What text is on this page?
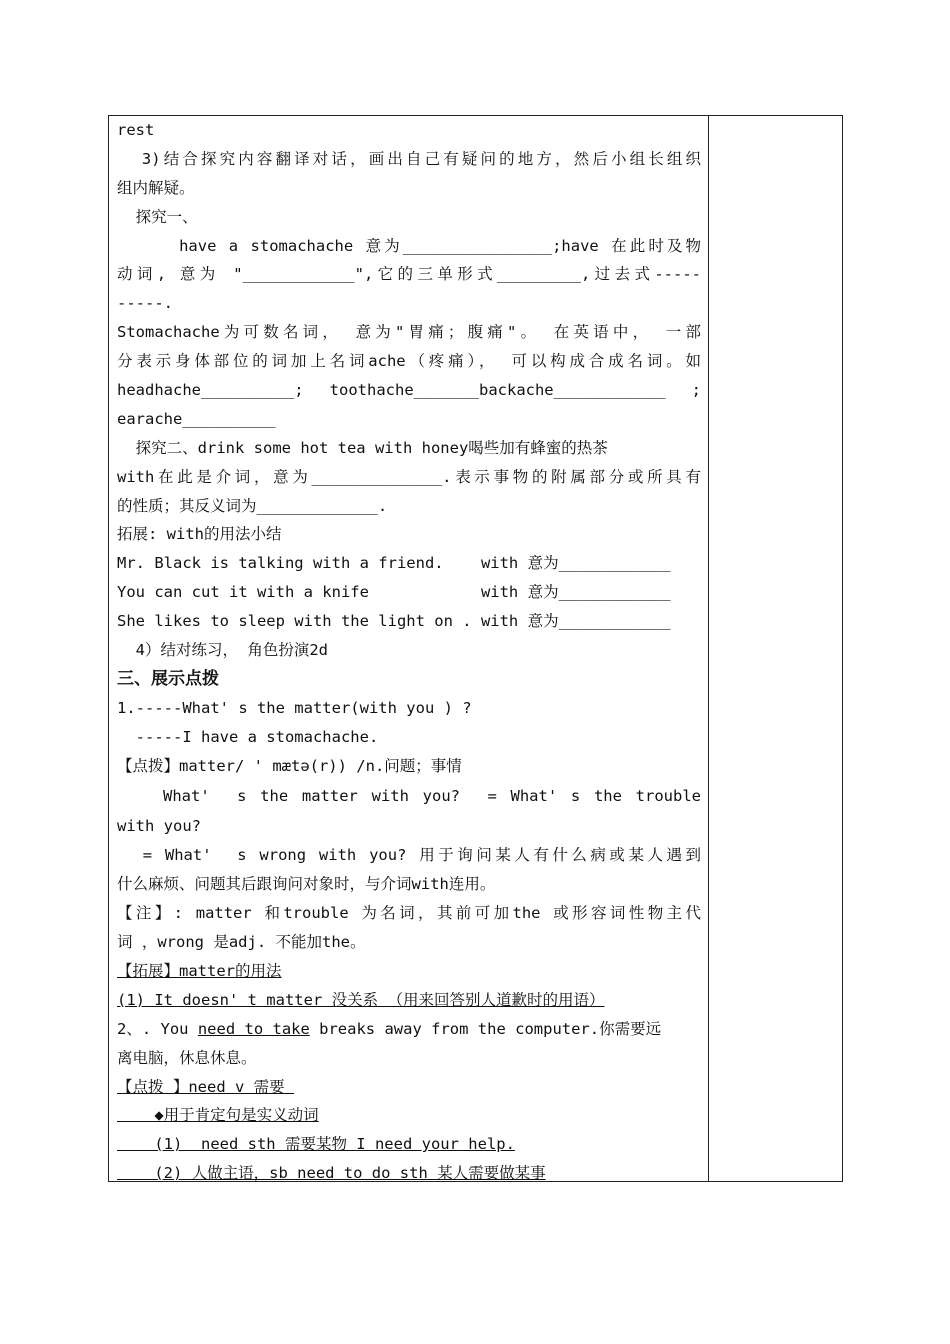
rest
3)结合探究内容翻译对话，画出自己有疑问的地方，然后小组长组织
组内解疑。
探究一、
have a stomachache 意为________________;have 在此时及物
动词, 意为 "____________",它的三单形式_________,过去式-----
-----.
Stomachache为可数名词， 意为"胃痛；腹痛"。 在英语中， 一部
分表示身体部位的词加上名词ache（疼痛）， 可以构成合成名词。如
headhache__________; toothache_______backache____________ ;
earache__________
探究二、drink some hot tea with honey喝些加有蜂蜜的热茶
with在此是介词，意为______________.表示事物的附属部分或所具有
的性质；其反义词为_____________.
拓展: with的用法小结
Mr. Black is talking with a friend.    with 意为____________
You can cut it with a knife            with 意为____________
She likes to sleep with the light on . with 意为____________
4）结对练习， 角色扮演2d
三、展示点拨
1.-----What' s the matter(with you ) ?
-----I have a stomachache.
【点拨】matter/ ' mætə(r)) /n.问题；事情
What'  s the matter with you?  = What' s the trouble
with you?
= What'  s wrong with you? 用于询问某人有什么病或某人遇到
什么麻烦、问题其后跟询问对象时，与介词with连用。
【注】: matter 和trouble 为名词，其前可加the 或形容词性物主代
词 ，wrong 是adj. 不能加the。
【拓展】matter的用法
(1) It doesn' t matter 没关系 （用来回答别人道歉时的用语）
2、. You need to take breaks away from the computer.你需要远
离电脑，休息休息。
【点拨 】need v 需要
◆用于肯定句是实义动词
(1)  need sth 需要某物 I need your help.
(2) 人做主语，sb need to do sth 某人需要做某事
